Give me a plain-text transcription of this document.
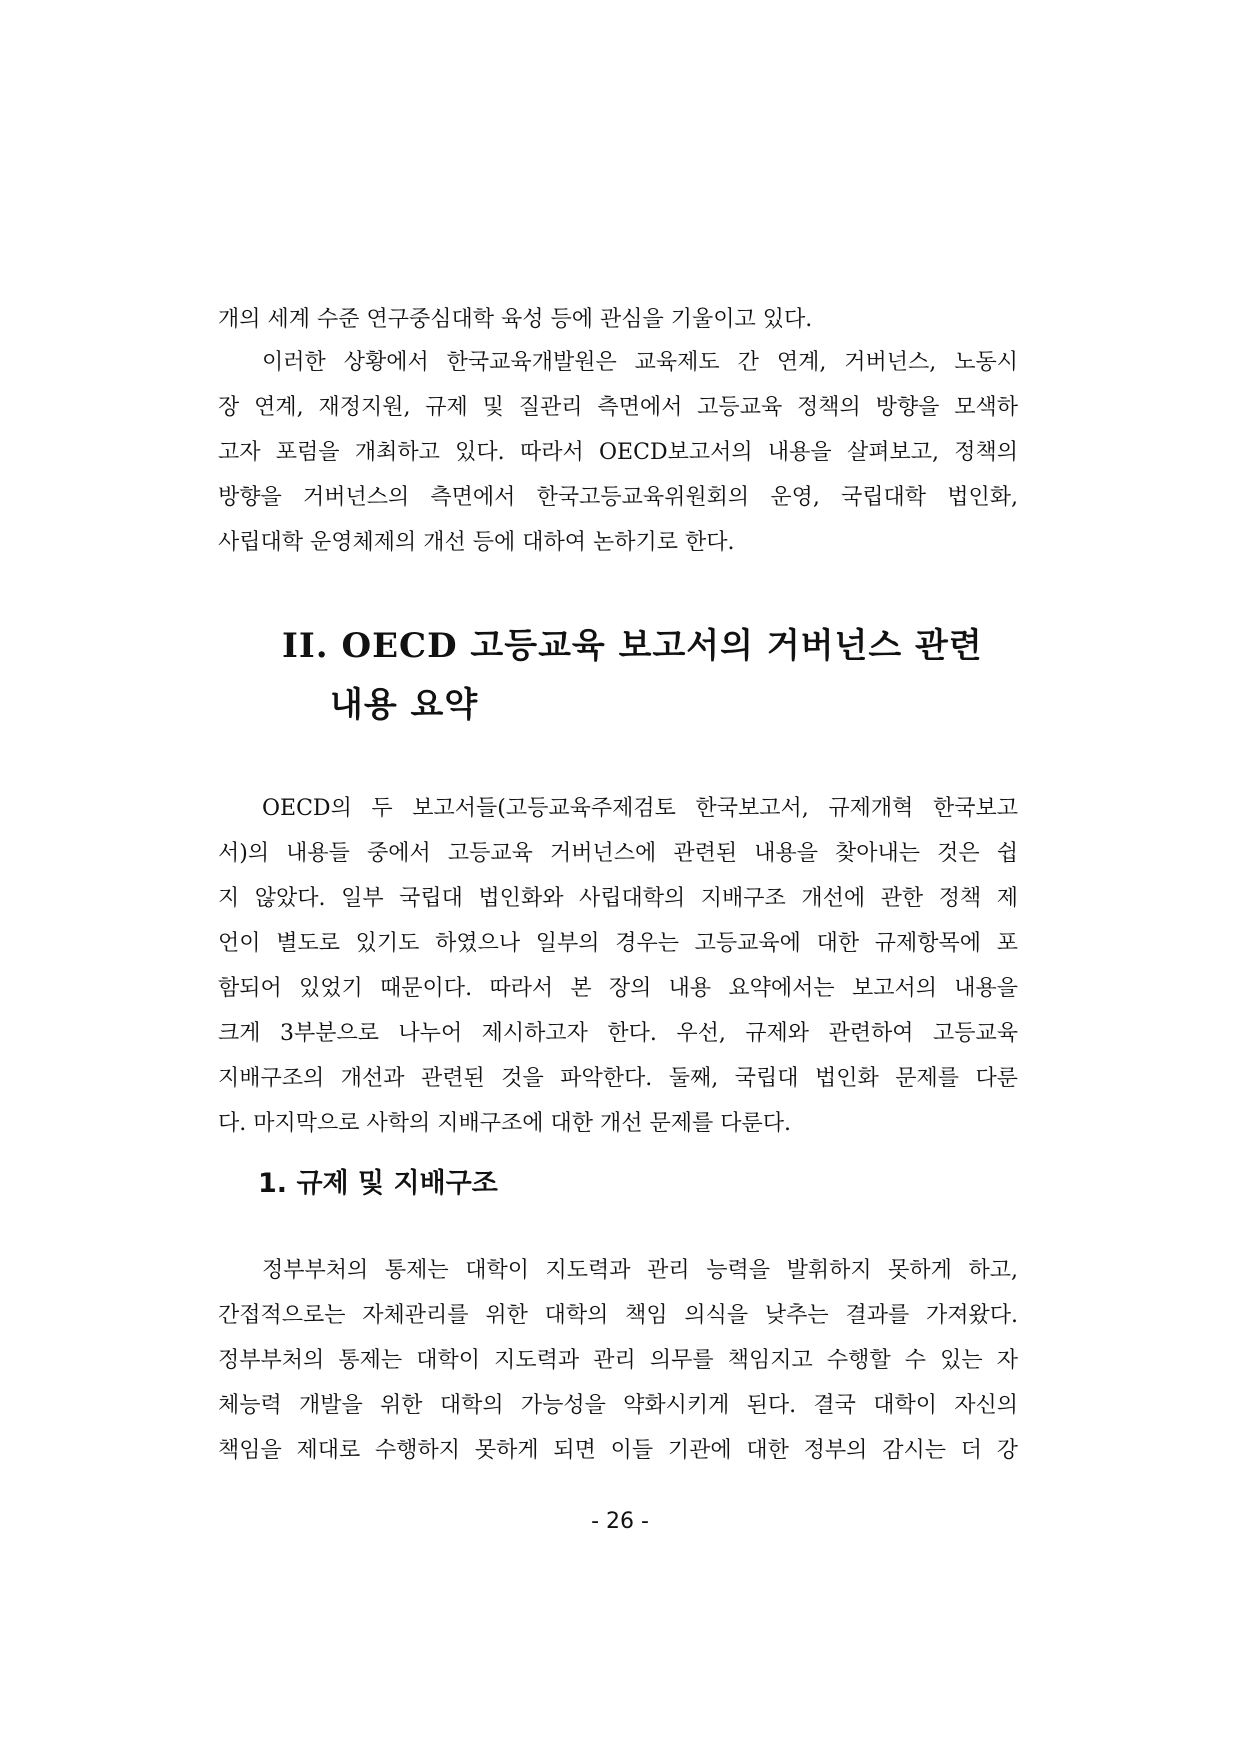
개의 세계 수준 연구중심대학 육성 등에 관심을 기울이고 있다.
이러한 상황에서 한국교육개발원은 교육제도 간 연계, 거버넌스, 노동시
장 연계, 재정지원, 규제 및 질관리 측면에서 고등교육 정책의 방향을 모색하
고자 포럼을 개최하고 있다. 따라서 OECD보고서의 내용을 살펴보고, 정책의
방향을 거버넌스의 측면에서 한국고등교육위원회의 운영, 국립대학 법인화,
사립대학 운영체제의 개선 등에 대하여 논하기로 한다.
II. OECD 고등교육 보고서의 거버넌스 관련
내용 요약
OECD의 두 보고서들(고등교육주제검토 한국보고서, 규제개혁 한국보고
서)의 내용들 중에서 고등교육 거버넌스에 관련된 내용을 찾아내는 것은 쉽
지 않았다. 일부 국립대 법인화와 사립대학의 지배구조 개선에 관한 정책 제
언이 별도로 있기도 하였으나 일부의 경우는 고등교육에 대한 규제항목에 포
함되어 있었기 때문이다. 따라서 본 장의 내용 요약에서는 보고서의 내용을
크게 3부분으로 나누어 제시하고자 한다. 우선, 규제와 관련하여 고등교육
지배구조의 개선과 관련된 것을 파악한다. 둘째, 국립대 법인화 문제를 다룬
다. 마지막으로 사학의 지배구조에 대한 개선 문제를 다룬다.
1. 규제 및 지배구조
정부부처의 통제는 대학이 지도력과 관리 능력을 발휘하지 못하게 하고,
간접적으로는 자체관리를 위한 대학의 책임 의식을 낮추는 결과를 가져왔다.
정부부처의 통제는 대학이 지도력과 관리 의무를 책임지고 수행할 수 있는 자
체능력 개발을 위한 대학의 가능성을 약화시키게 된다. 결국 대학이 자신의
책임을 제대로 수행하지 못하게 되면 이들 기관에 대한 정부의 감시는 더 강
- 26 -
